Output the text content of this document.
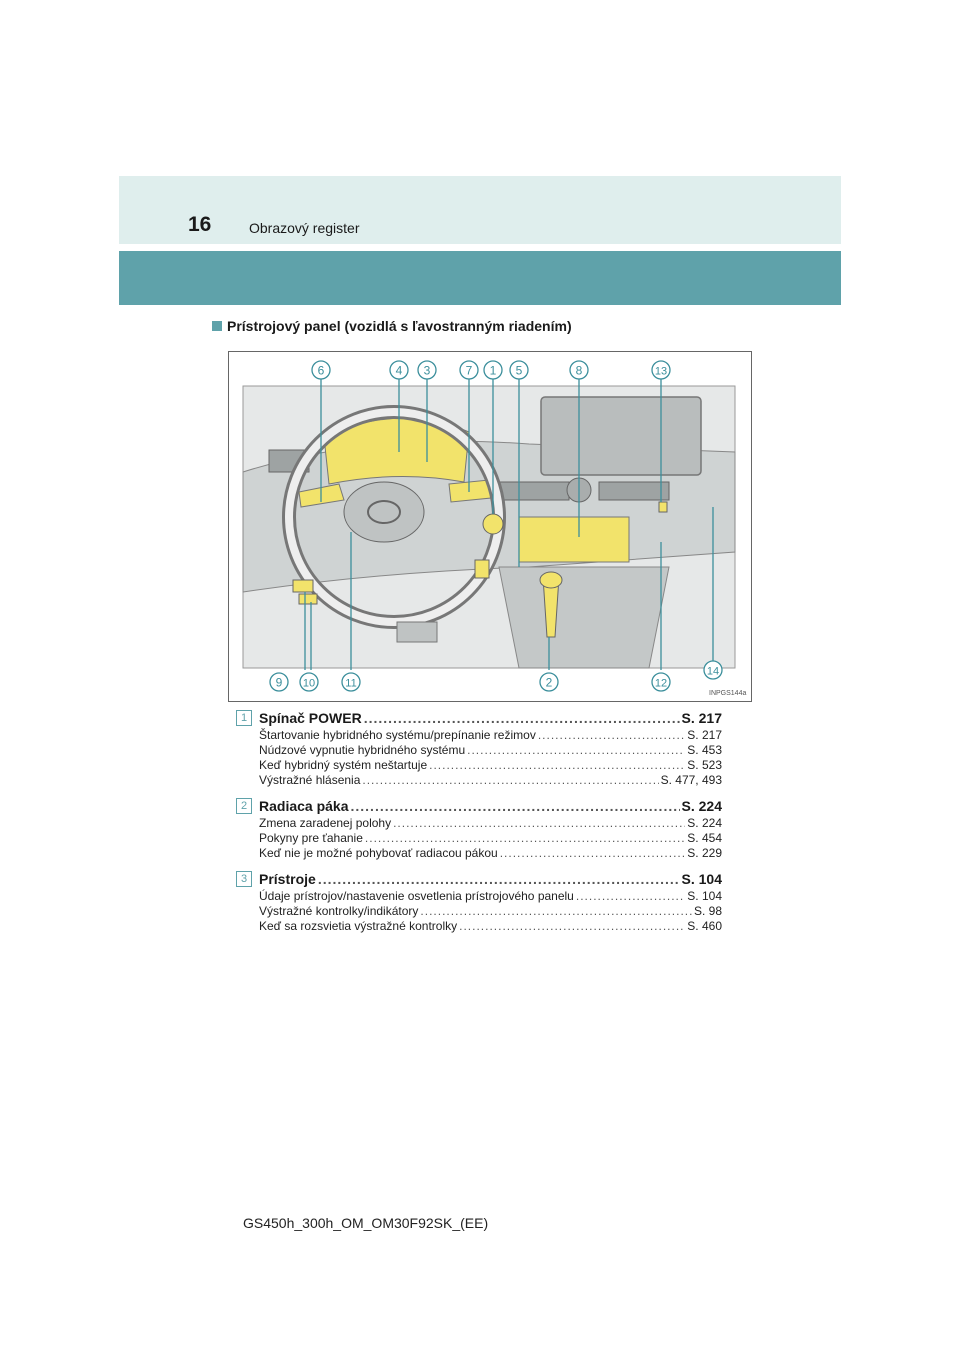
16	Obrazový register
Prístrojový panel (vozidlá s ľavostranným riadením)
6	4 3	7 1 5	8	13
9 10	11	2	12
14
INPGS144a
1 Spínač POWER .....	S. 217
Štartovanie hybridného systému/prepínanie režimov .....	S. 217
Núdzové vypnutie hybridného systému .....	S. 453
Keď hybridný systém neštartuje .....	S. 523
Výstražné hlásenia .....	S. 477, 493
2 Radiaca páka .....	S. 224
Zmena zaradenej polohy .....	S. 224
Pokyny pre ťahanie .....	S. 454
Keď nie je možné pohybovať radiacou pákou .....	S. 229
3 Prístroje .....	S. 104
Údaje prístrojov/nastavenie osvetlenia prístrojového panelu .....	S. 104
Výstražné kontrolky/indikátory .....	S. 98
Keď sa rozsvietia výstražné kontrolky .....	S. 460
GS450h_300h_OM_OM30F92SK_(EE)
